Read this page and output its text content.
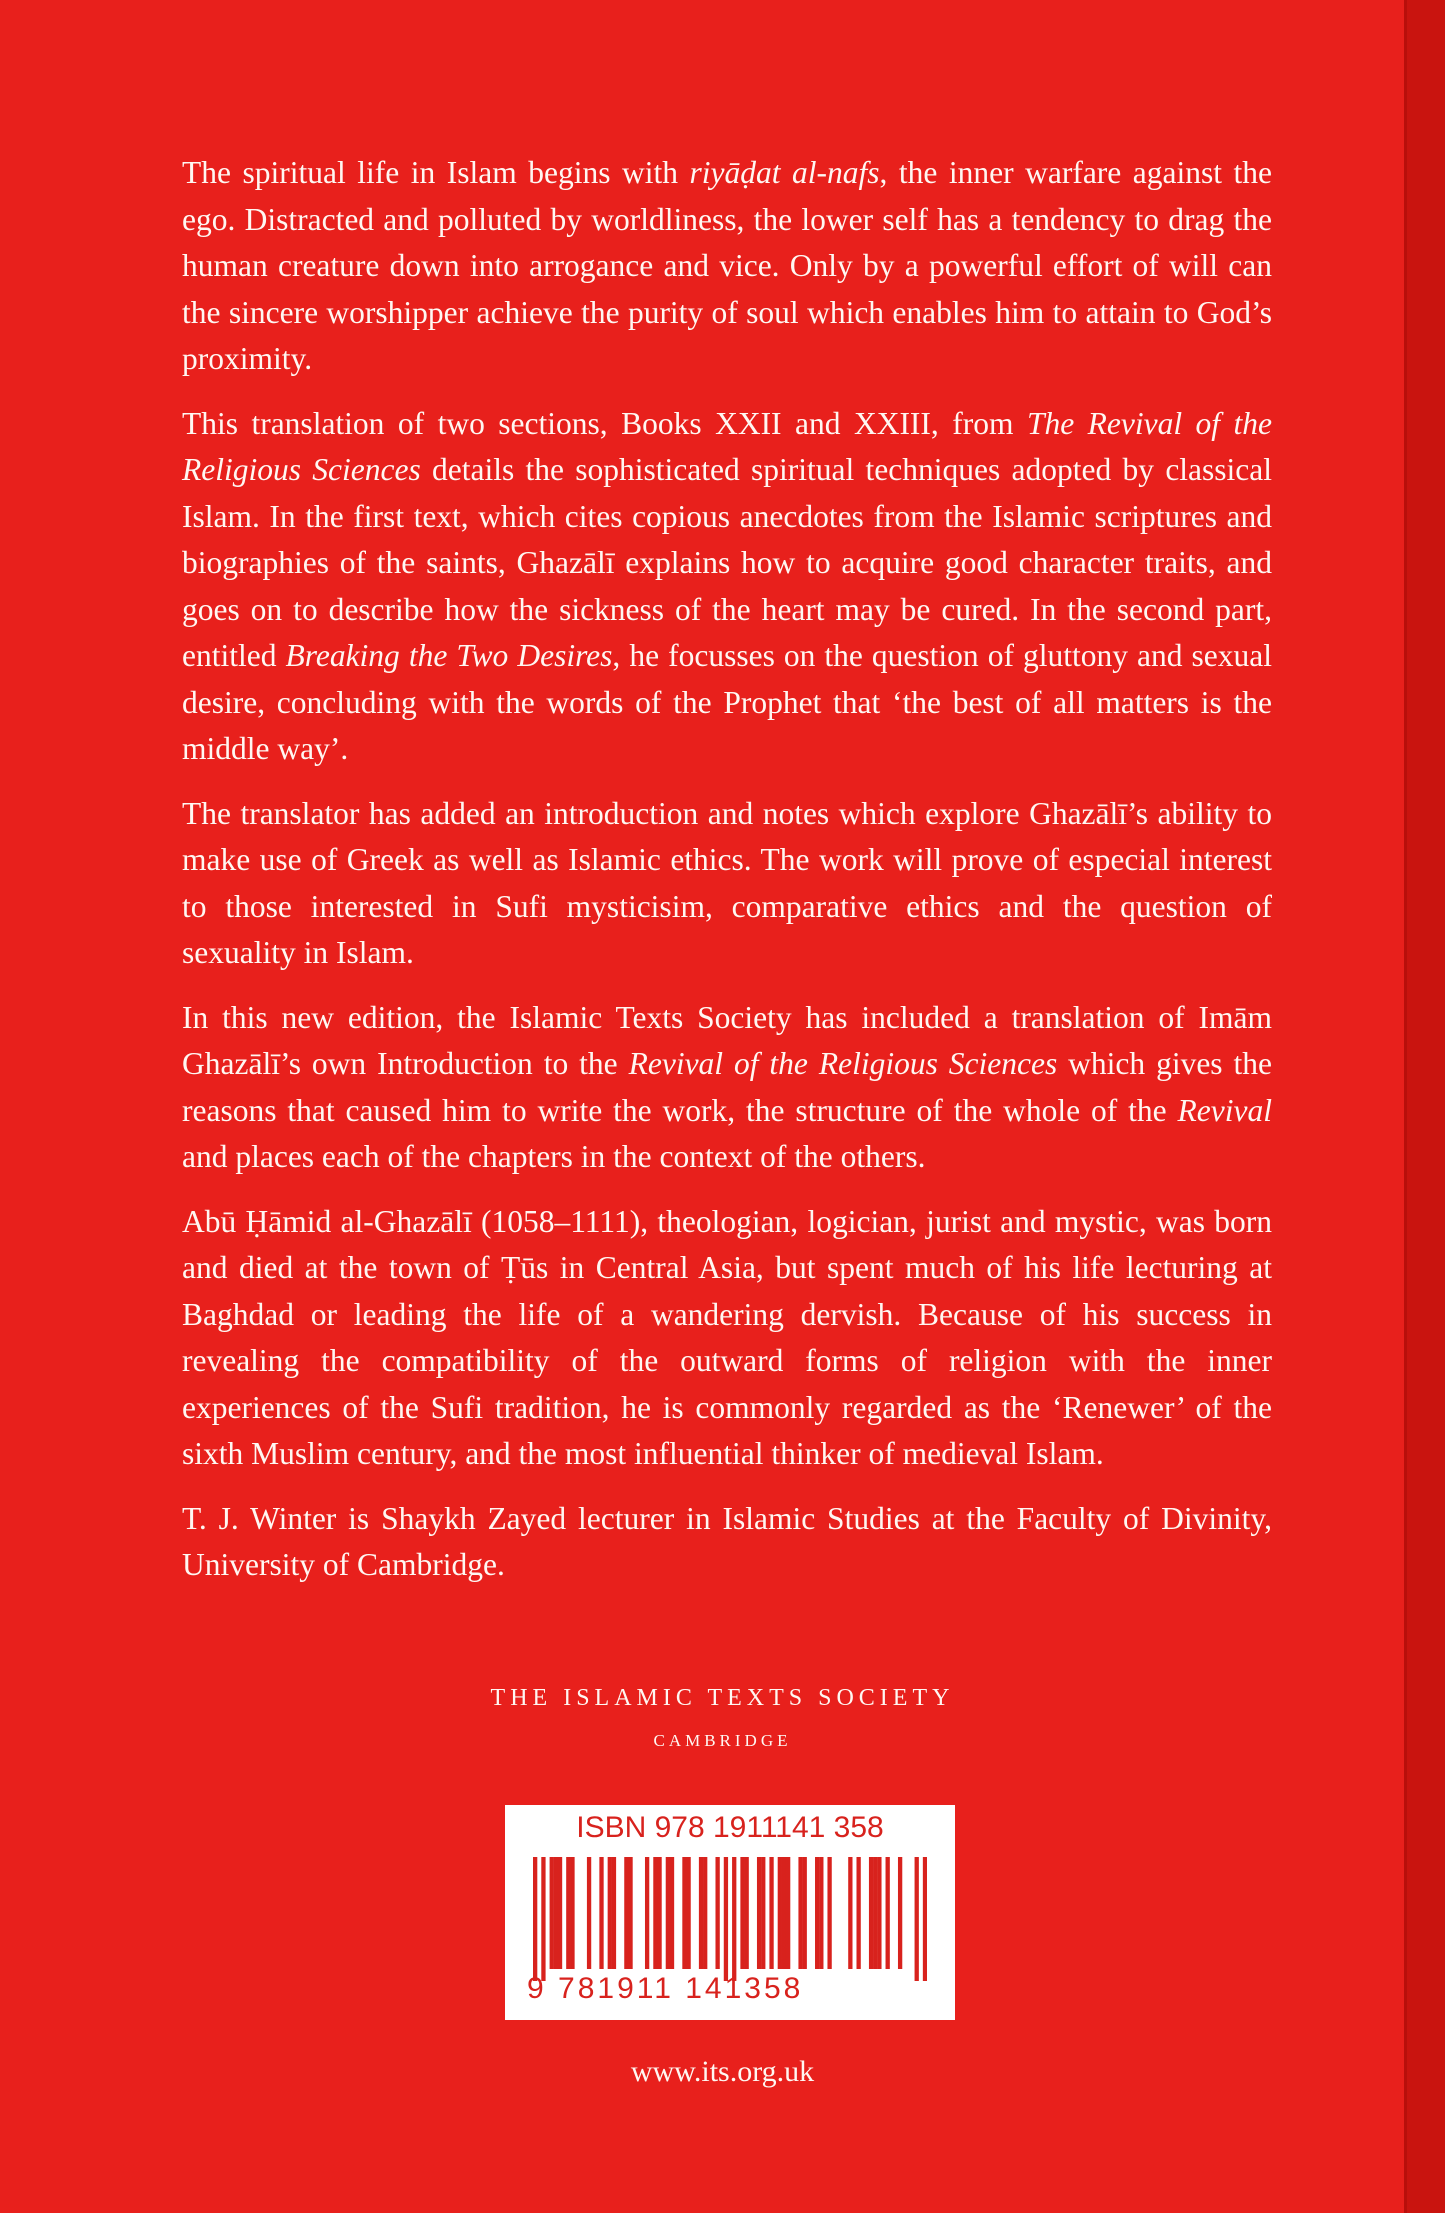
The spiritual life in Islam begins with riyāḍat al-nafs, the inner warfare against the ego. Distracted and polluted by worldliness, the lower self has a tendency to drag the human creature down into arrogance and vice. Only by a powerful effort of will can the sincere worshipper achieve the purity of soul which enables him to attain to God’s proximity.

This translation of two sections, Books XXII and XXIII, from The Revival of the Religious Sciences details the sophisticated spiritual techniques adopted by classical Islam. In the first text, which cites copious anecdotes from the Islamic scriptures and biographies of the saints, Ghazālī explains how to acquire good character traits, and goes on to describe how the sickness of the heart may be cured. In the second part, entitled Breaking the Two Desires, he focusses on the question of gluttony and sexual desire, concluding with the words of the Prophet that ‘the best of all matters is the middle way’.

The translator has added an introduction and notes which explore Ghazālī’s ability to make use of Greek as well as Islamic ethics. The work will prove of especial interest to those interested in Sufi mysticisim, comparative ethics and the question of sexuality in Islam.

In this new edition, the Islamic Texts Society has included a translation of Imām Ghazālī’s own Introduction to the Revival of the Religious Sciences which gives the reasons that caused him to write the work, the structure of the whole of the Revival and places each of the chapters in the context of the others.

Abū Ḥāmid al-Ghazālī (1058–1111), theologian, logician, jurist and mystic, was born and died at the town of Ṭūs in Central Asia, but spent much of his life lecturing at Baghdad or leading the life of a wandering dervish. Because of his success in revealing the compatibility of the outward forms of religion with the inner experiences of the Sufi tradition, he is commonly regarded as the ‘Renewer’ of the sixth Muslim century, and the most influential thinker of medieval Islam.

T. J. Winter is Shaykh Zayed lecturer in Islamic Studies at the Faculty of Divinity, University of Cambridge.

THE ISLAMIC TEXTS SOCIETY
CAMBRIDGE
ISBN 978 1911141 358
9 781911 141358
www.its.org.uk
